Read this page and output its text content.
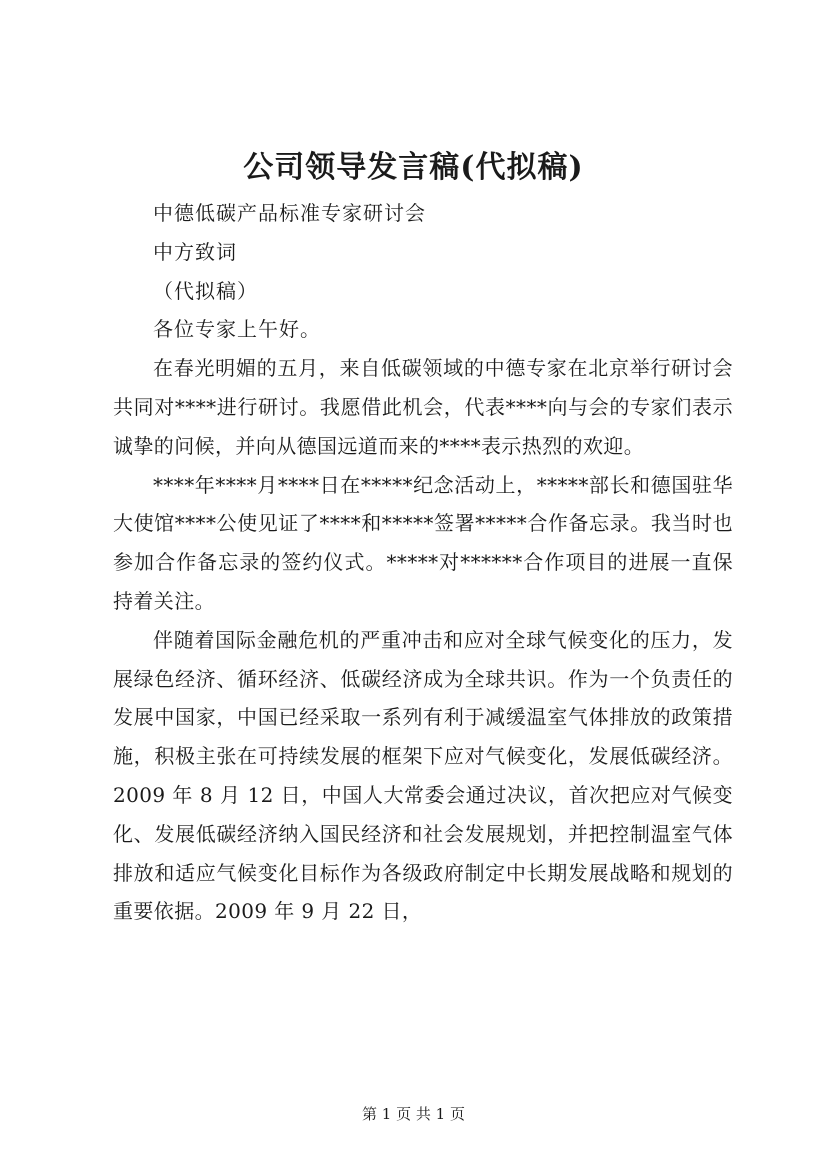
公司领导发言稿(代拟稿)

中德低碳产品标准专家研讨会

中方致词

（代拟稿）

各位专家上午好。

在春光明媚的五月，来自低碳领域的中德专家在北京举行研讨会共同对****进行研讨。我愿借此机会，代表****向与会的专家们表示诚挚的问候，并向从德国远道而来的****表示热烈的欢迎。

****年****月****日在*****纪念活动上，*****部长和德国驻华大使馆****公使见证了****和*****签署*****合作备忘录。我当时也参加合作备忘录的签约仪式。*****对******合作项目的进展一直保持着关注。

伴随着国际金融危机的严重冲击和应对全球气候变化的压力，发展绿色经济、循环经济、低碳经济成为全球共识。作为一个负责任的发展中国家，中国已经采取一系列有利于减缓温室气体排放的政策措施，积极主张在可持续发展的框架下应对气候变化，发展低碳经济。2009 年 8 月 12 日，中国人大常委会通过决议，首次把应对气候变化、发展低碳经济纳入国民经济和社会发展规划，并把控制温室气体排放和适应气候变化目标作为各级政府制定中长期发展战略和规划的重要依据。2009 年 9 月 22 日，

第 1 页 共 1 页
